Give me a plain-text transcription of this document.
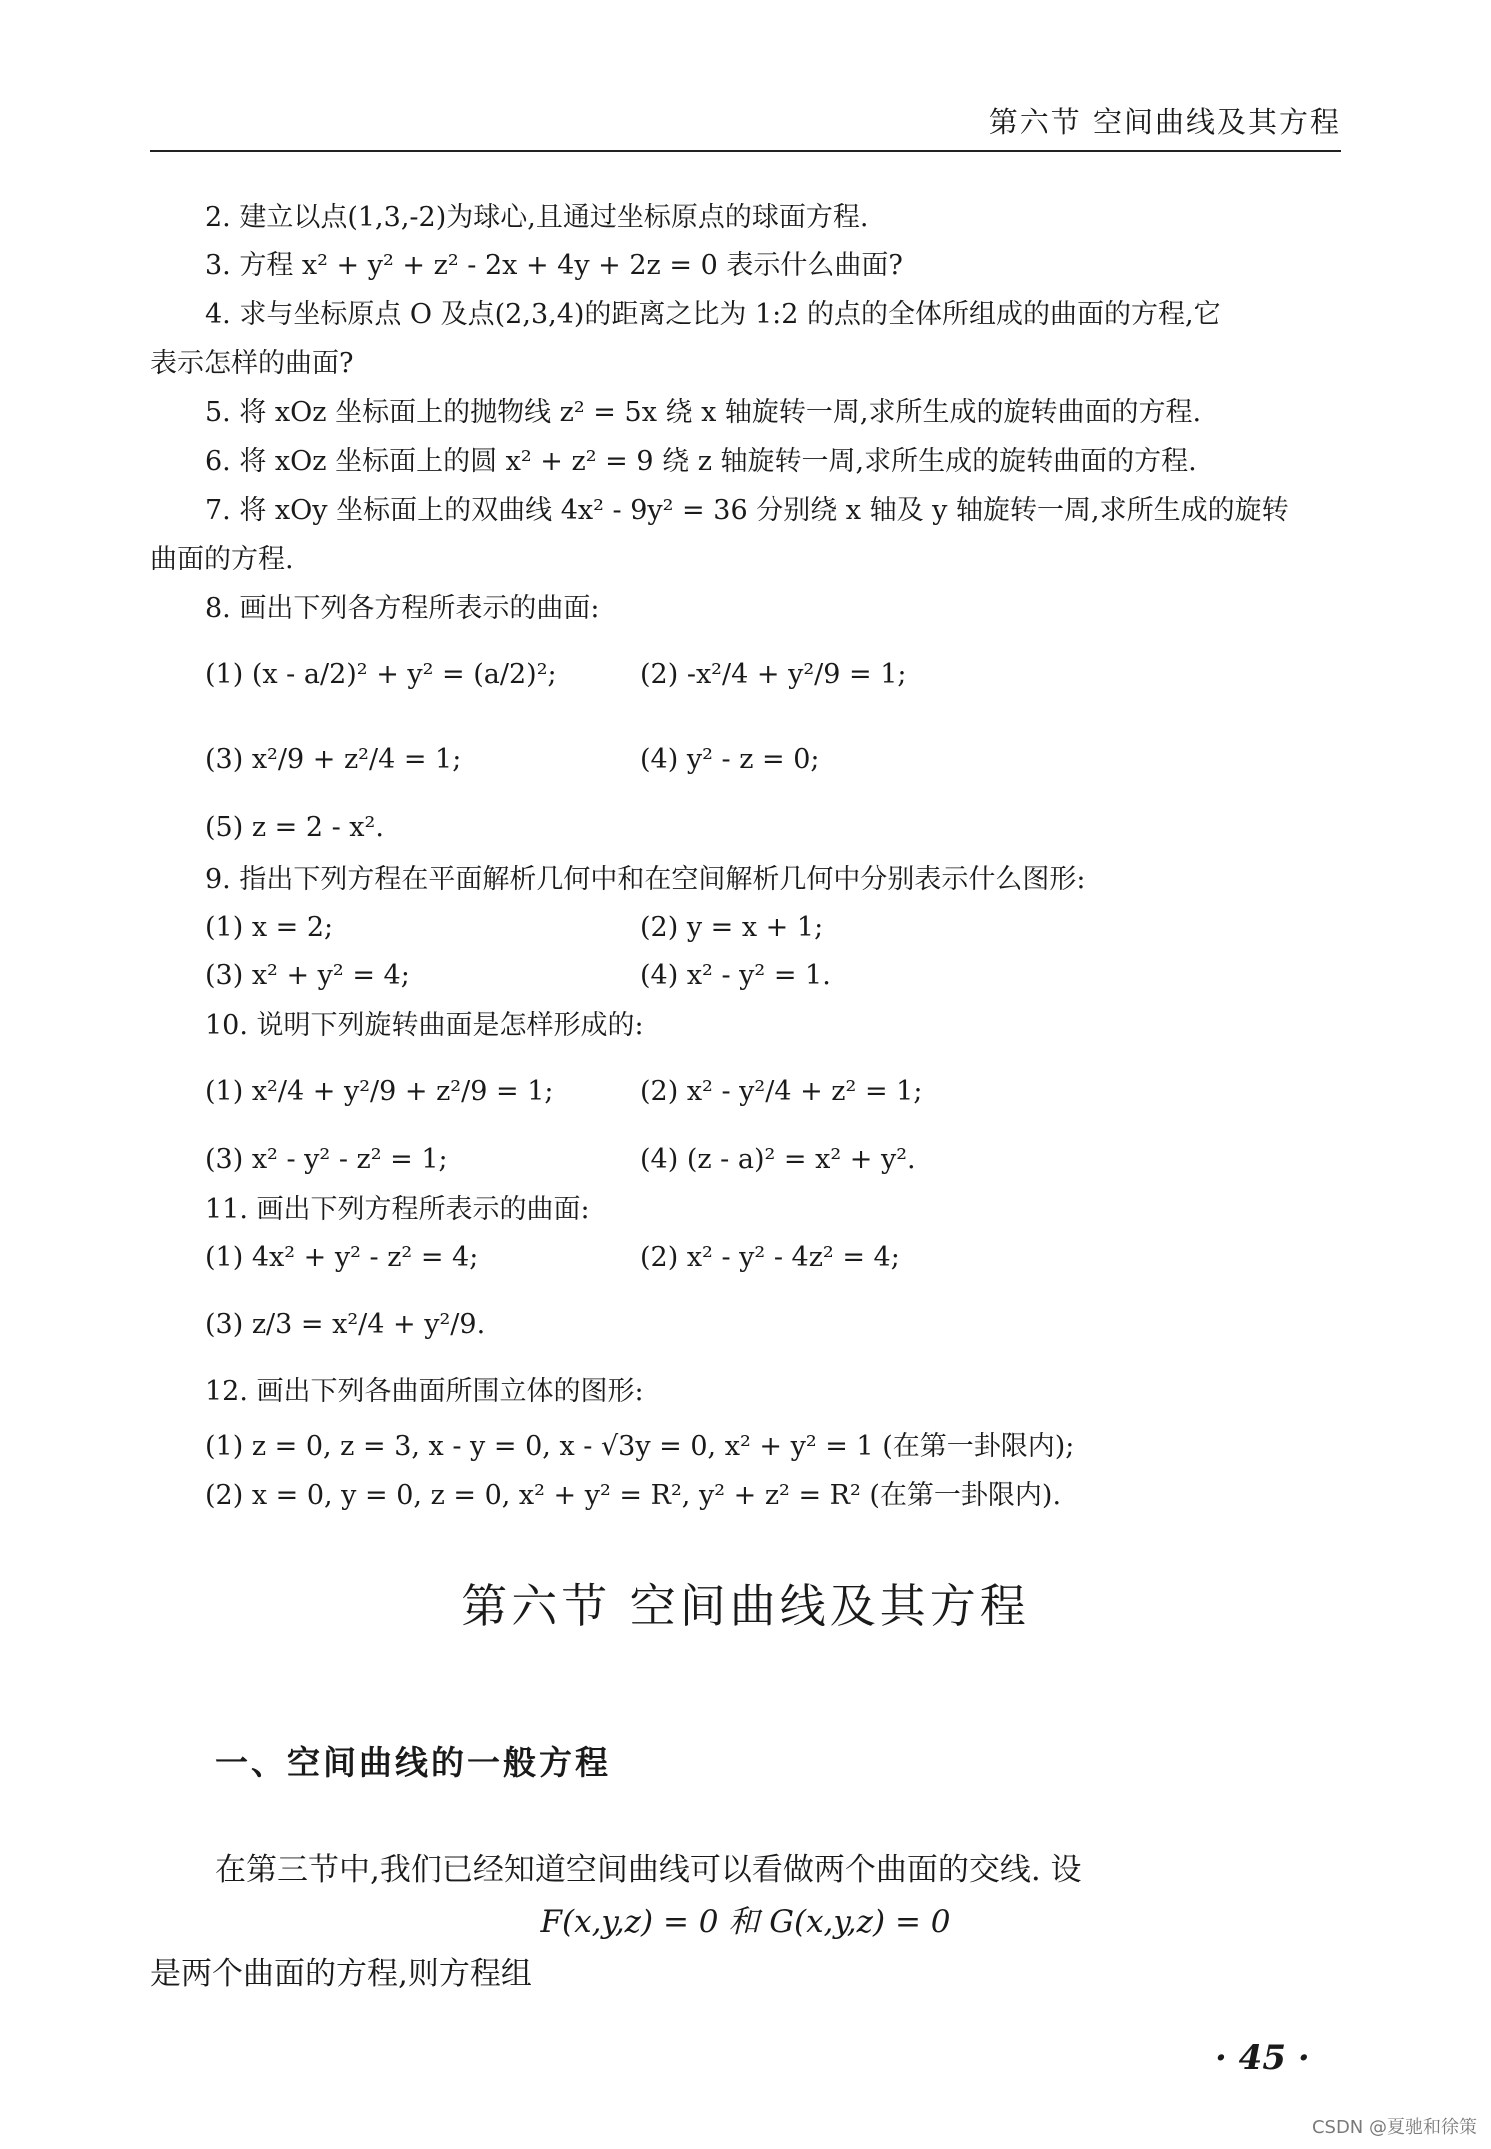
第六节 空间曲线及其方程
2. 建立以点(1,3,-2)为球心,且通过坐标原点的球面方程.
3. 方程 x² + y² + z² - 2x + 4y + 2z = 0 表示什么曲面?
4. 求与坐标原点 O 及点(2,3,4)的距离之比为 1:2 的点的全体所组成的曲面的方程,它
表示怎样的曲面?
5. 将 xOz 坐标面上的抛物线 z² = 5x 绕 x 轴旋转一周,求所生成的旋转曲面的方程.
6. 将 xOz 坐标面上的圆 x² + z² = 9 绕 z 轴旋转一周,求所生成的旋转曲面的方程.
7. 将 xOy 坐标面上的双曲线 4x² - 9y² = 36 分别绕 x 轴及 y 轴旋转一周,求所生成的旋转
曲面的方程.
8. 画出下列各方程所表示的曲面:
(1) (x - a/2)² + y² = (a/2)²;	(2) -x²/4 + y²/9 = 1;
(3) x²/9 + z²/4 = 1;	(4) y² - z = 0;
(5) z = 2 - x².
9. 指出下列方程在平面解析几何中和在空间解析几何中分别表示什么图形:
(1) x = 2;	(2) y = x + 1;
(3) x² + y² = 4;	(4) x² - y² = 1.
10. 说明下列旋转曲面是怎样形成的:
(1) x²/4 + y²/9 + z²/9 = 1;	(2) x² - y²/4 + z² = 1;
(3) x² - y² - z² = 1;	(4) (z - a)² = x² + y².
11. 画出下列方程所表示的曲面:
(1) 4x² + y² - z² = 4;	(2) x² - y² - 4z² = 4;
(3) z/3 = x²/4 + y²/9.
12. 画出下列各曲面所围立体的图形:
(1) z = 0, z = 3, x - y = 0, x - √3y = 0, x² + y² = 1 (在第一卦限内);
(2) x = 0, y = 0, z = 0, x² + y² = R², y² + z² = R² (在第一卦限内).
第六节 空间曲线及其方程
一、空间曲线的一般方程
在第三节中,我们已经知道空间曲线可以看做两个曲面的交线. 设
F(x,y,z) = 0 和 G(x,y,z) = 0
是两个曲面的方程,则方程组
· 45 ·
CSDN @夏驰和徐策
